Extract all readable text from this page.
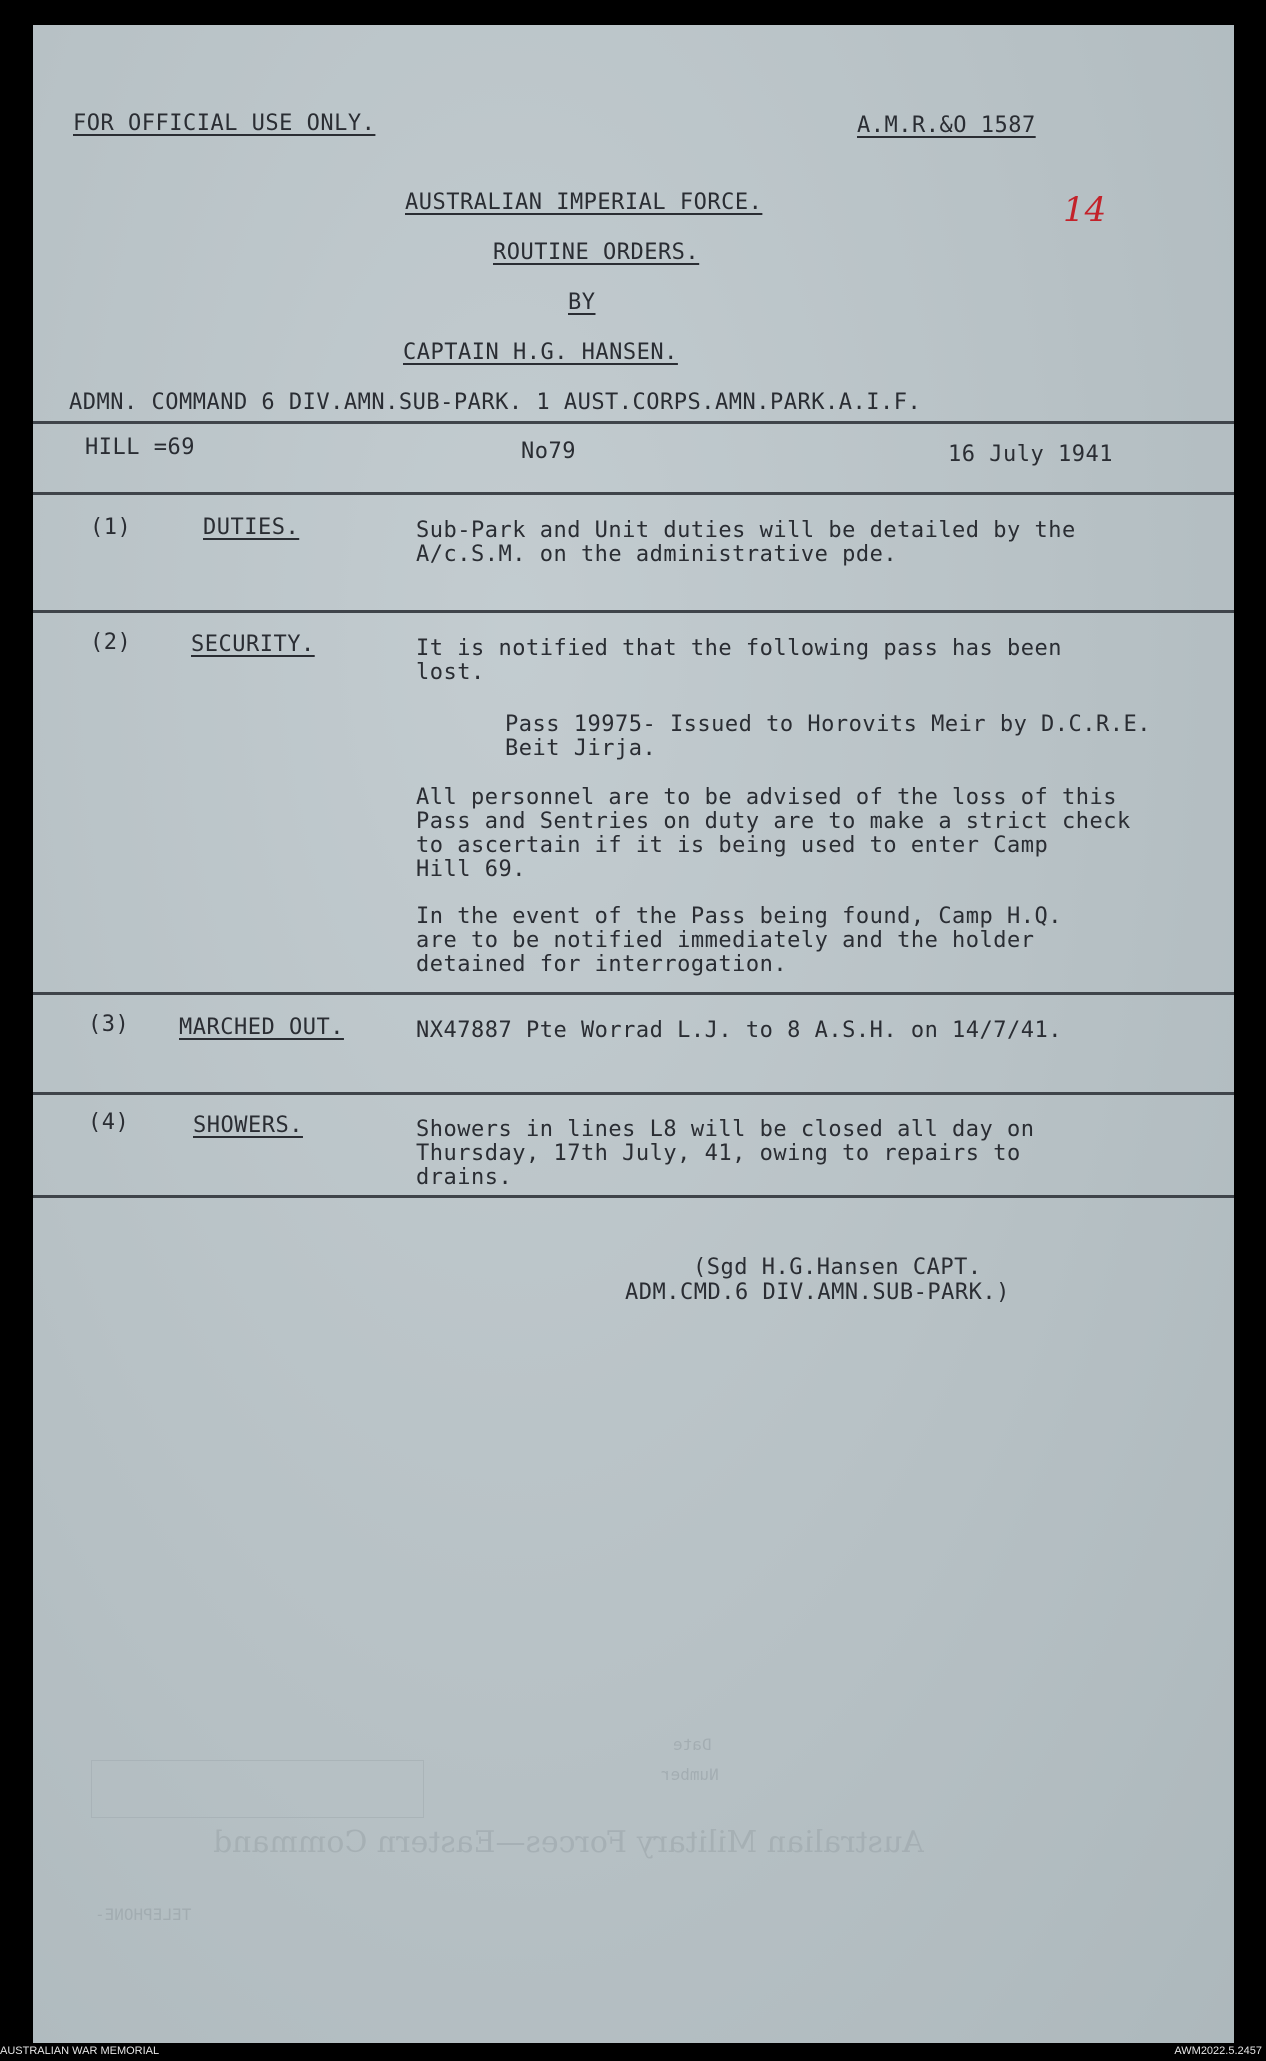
FOR OFFICIAL USE ONLY.	A.M.R.&O 1587
14
AUSTRALIAN IMPERIAL FORCE.
ROUTINE ORDERS.
BY
CAPTAIN H.G. HANSEN.
ADMN. COMMAND 6 DIV.AMN.SUB-PARK. 1 AUST.CORPS.AMN.PARK.A.I.F.
HILL =69	No79	16 July 1941
(1)	DUTIES.	Sub-Park and Unit duties will be detailed by the
A/c.S.M. on the administrative pde.
(2)	SECURITY.	It is notified that the following pass has been
lost.
Pass 19975- Issued to Horovits Meir by D.C.R.E.
Beit Jirja.
All personnel are to be advised of the loss of this
Pass and Sentries on duty are to make a strict check
to ascertain if it is being used to enter Camp
Hill 69.
In the event of the Pass being found, Camp H.Q.
are to be notified immediately and the holder
detained for interrogation.
(3) MARCHED OUT.	NX47887 Pte Worrad L.J. to 8 A.S.H. on 14/7/41.
(4)	SHOWERS.	Showers in lines L8 will be closed all day on
Thursday, 17th July, 41, owing to repairs to
drains.
(Sgd H.G.Hansen CAPT.
ADM.CMD.6 DIV.AMN.SUB-PARK.)
Date
Number
Australian Military Forces—Eastern Command
TELEPHONE-
AUSTRALIAN WAR MEMORIAL	AWM2022.5.2457
